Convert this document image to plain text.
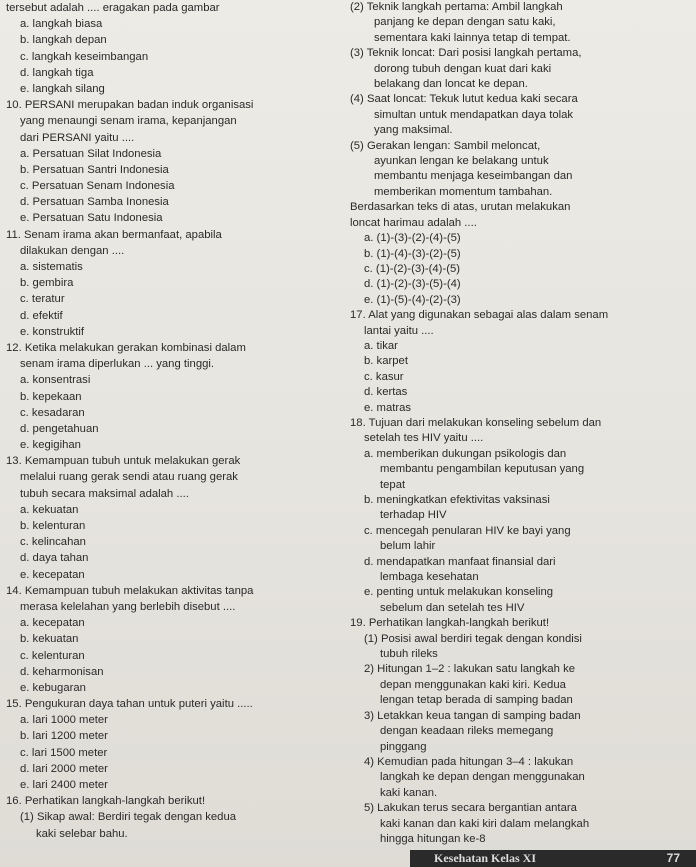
tersebut adalah .... eragakan pada gambar
a. langkah biasa
b. langkah depan
c. langkah keseimbangan
d. langkah tiga
e. langkah silang
10. PERSANI merupakan badan induk organisasi
yang menaungi senam irama, kepanjangan
dari PERSANI yaitu ....
a. Persatuan Silat Indonesia
b. Persatuan Santri Indonesia
c. Persatuan Senam Indonesia
d. Persatuan Samba Inonesia
e. Persatuan Satu Indonesia
11. Senam irama akan bermanfaat, apabila
dilakukan dengan ....
a. sistematis
b. gembira
c. teratur
d. efektif
e. konstruktif
12. Ketika melakukan gerakan kombinasi dalam
senam irama diperlukan ... yang tinggi.
a. konsentrasi
b. kepekaan
c. kesadaran
d. pengetahuan
e. kegigihan
13. Kemampuan tubuh untuk melakukan gerak
melalui ruang gerak sendi atau ruang gerak
tubuh secara maksimal adalah ....
a. kekuatan
b. kelenturan
c. kelincahan
d. daya tahan
e. kecepatan
14. Kemampuan tubuh melakukan aktivitas tanpa
merasa kelelahan yang berlebih disebut ....
a. kecepatan
b. kekuatan
c. kelenturan
d. keharmonisan
e. kebugaran
15. Pengukuran daya tahan untuk puteri yaitu .....
a. lari 1000 meter
b. lari 1200 meter
c. lari 1500 meter
d. lari 2000 meter
e. lari 2400 meter
16. Perhatikan langkah-langkah berikut!
(1) Sikap awal: Berdiri tegak dengan kedua
kaki selebar bahu.
(2) Teknik langkah pertama: Ambil langkah
panjang ke depan dengan satu kaki,
sementara kaki lainnya tetap di tempat.
(3) Teknik loncat: Dari posisi langkah pertama,
dorong tubuh dengan kuat dari kaki
belakang dan loncat ke depan.
(4) Saat loncat: Tekuk lutut kedua kaki secara
simultan untuk mendapatkan daya tolak
yang maksimal.
(5) Gerakan lengan: Sambil meloncat,
ayunkan lengan ke belakang untuk
membantu menjaga keseimbangan dan
memberikan momentum tambahan.
Berdasarkan teks di atas, urutan melakukan
loncat harimau adalah ....
a. (1)-(3)-(2)-(4)-(5)
b. (1)-(4)-(3)-(2)-(5)
c. (1)-(2)-(3)-(4)-(5)
d. (1)-(2)-(3)-(5)-(4)
e. (1)-(5)-(4)-(2)-(3)
17. Alat yang digunakan sebagai alas dalam senam
lantai yaitu ....
a. tikar
b. karpet
c. kasur
d. kertas
e. matras
18. Tujuan dari melakukan konseling sebelum dan
setelah tes HIV yaitu ....
a. memberikan dukungan psikologis dan
membantu pengambilan keputusan yang
tepat
b. meningkatkan efektivitas vaksinasi
terhadap HIV
c. mencegah penularan HIV ke bayi yang
belum lahir
d. mendapatkan manfaat finansial dari
lembaga kesehatan
e. penting untuk melakukan konseling
sebelum dan setelah tes HIV
19. Perhatikan langkah-langkah berikut!
(1) Posisi awal berdiri tegak dengan kondisi
tubuh rileks
2) Hitungan 1–2 : lakukan satu langkah ke
depan menggunakan kaki kiri. Kedua
lengan tetap berada di samping badan
3) Letakkan keua tangan di samping badan
dengan keadaan rileks memegang
pinggang
4) Kemudian pada hitungan 3–4 : lakukan
langkah ke depan dengan menggunakan
kaki kanan.
5) Lakukan terus secara bergantian antara
kaki kanan dan kaki kiri dalam melangkah
hingga hitungan ke-8
Kesehatan Kelas XI	77
